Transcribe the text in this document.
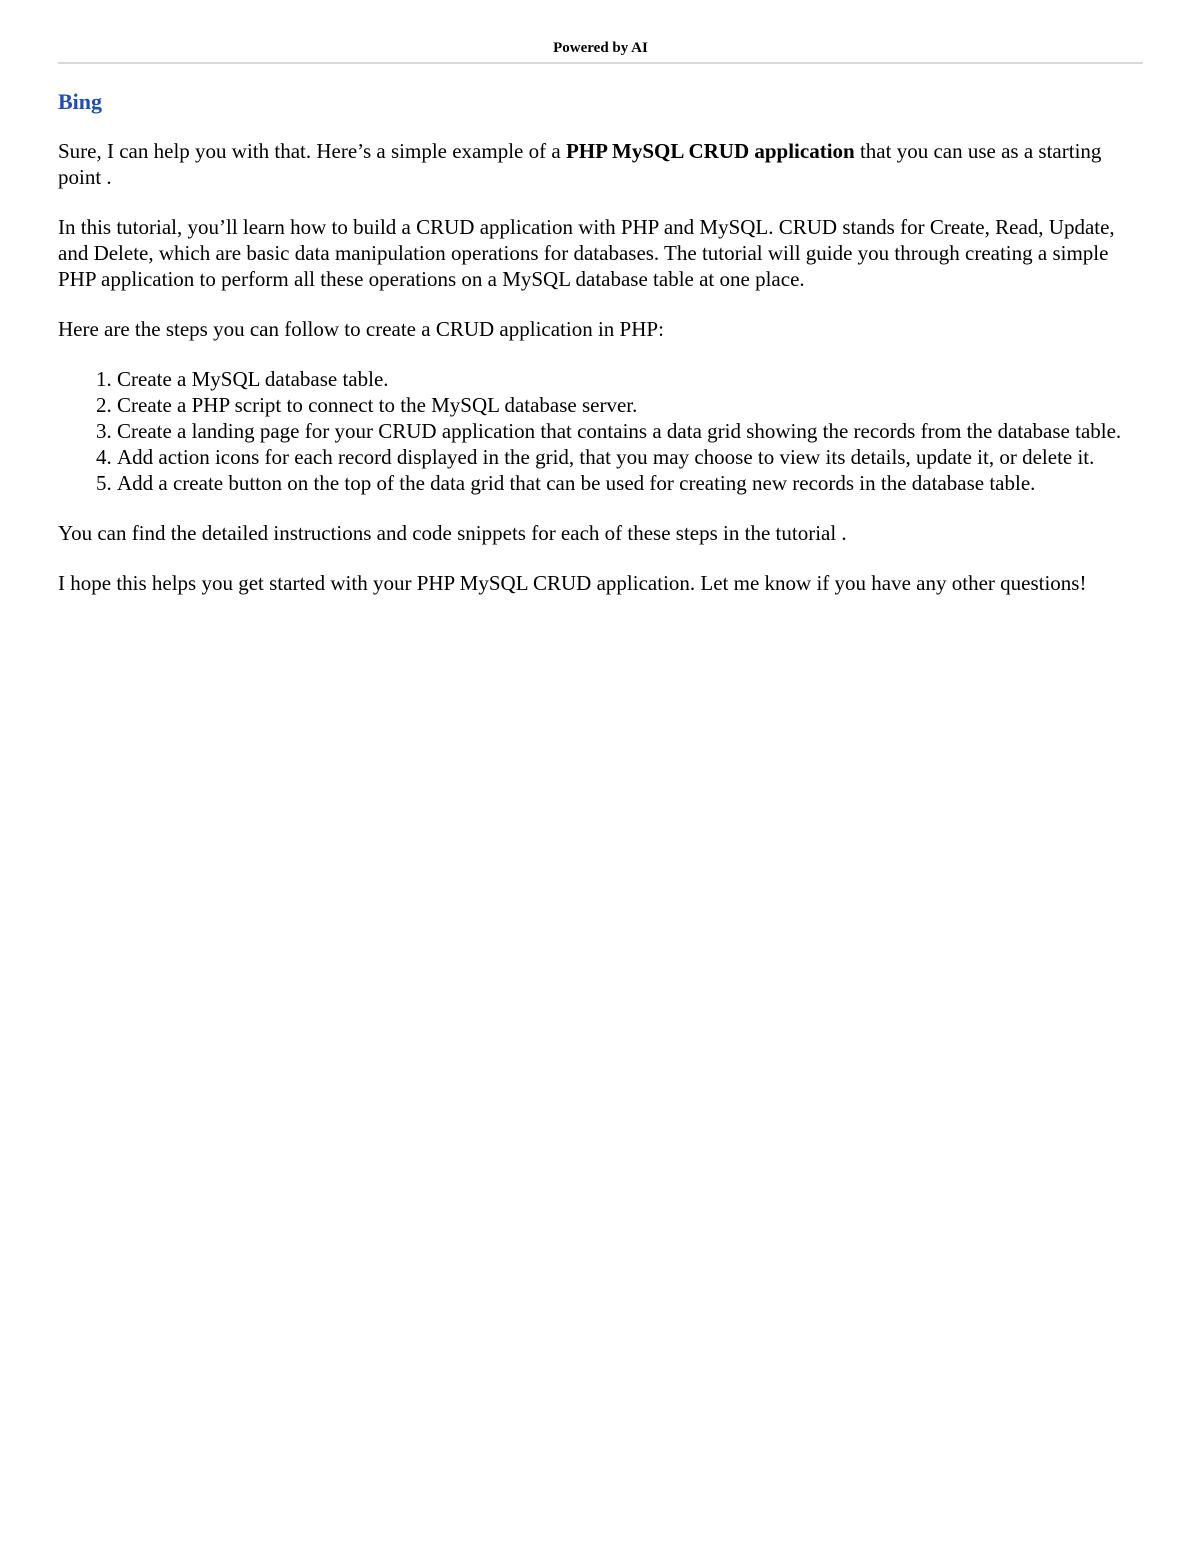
Powered by AI
Bing

Sure, I can help you with that. Here’s a simple example of a PHP MySQL CRUD application that you can use as a starting point .

In this tutorial, you’ll learn how to build a CRUD application with PHP and MySQL. CRUD stands for Create, Read, Update, and Delete, which are basic data manipulation operations for databases. The tutorial will guide you through creating a simple PHP application to perform all these operations on a MySQL database table at one place.

Here are the steps you can follow to create a CRUD application in PHP:

1. Create a MySQL database table.
2. Create a PHP script to connect to the MySQL database server.
3. Create a landing page for your CRUD application that contains a data grid showing the records from the database table.
4. Add action icons for each record displayed in the grid, that you may choose to view its details, update it, or delete it.
5. Add a create button on the top of the data grid that can be used for creating new records in the database table.

You can find the detailed instructions and code snippets for each of these steps in the tutorial .

I hope this helps you get started with your PHP MySQL CRUD application. Let me know if you have any other questions!
